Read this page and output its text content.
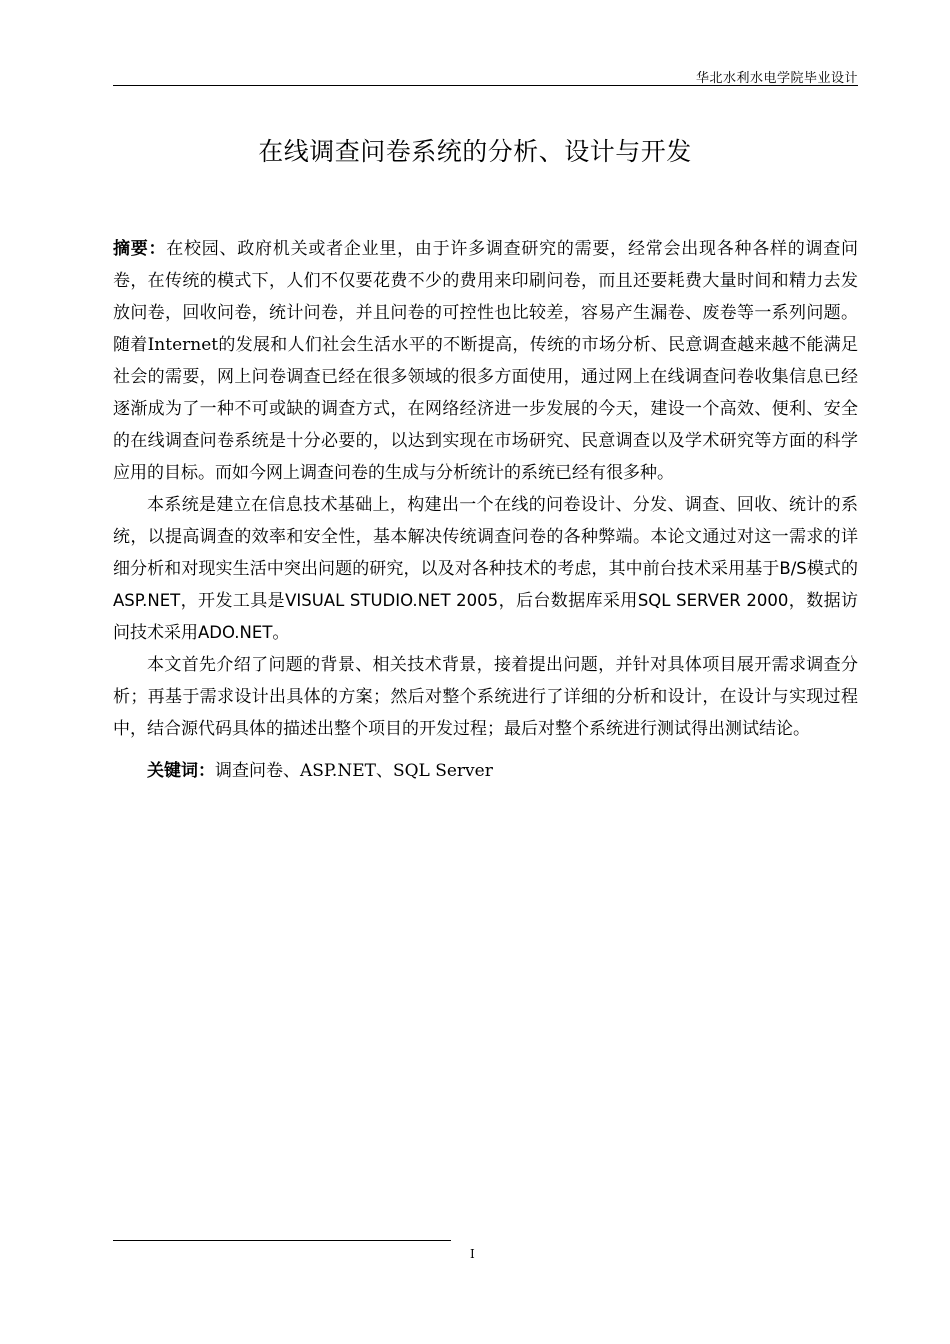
华北水利水电学院毕业设计
在线调查问卷系统的分析、设计与开发

摘要：在校园、政府机关或者企业里，由于许多调查研究的需要，经常会出现各种各样的调查问卷，在传统的模式下，人们不仅要花费不少的费用来印刷问卷，而且还要耗费大量时间和精力去发放问卷，回收问卷，统计问卷，并且问卷的可控性也比较差，容易产生漏卷、废卷等一系列问题。随着Internet的发展和人们社会生活水平的不断提高，传统的市场分析、民意调查越来越不能满足社会的需要，网上问卷调查已经在很多领域的很多方面使用，通过网上在线调查问卷收集信息已经逐渐成为了一种不可或缺的调查方式，在网络经济进一步发展的今天，建设一个高效、便利、安全的在线调查问卷系统是十分必要的，以达到实现在市场研究、民意调查以及学术研究等方面的科学应用的目标。而如今网上调查问卷的生成与分析统计的系统已经有很多种。

本系统是建立在信息技术基础上，构建出一个在线的问卷设计、分发、调查、回收、统计的系统，以提高调查的效率和安全性，基本解决传统调查问卷的各种弊端。本论文通过对这一需求的详细分析和对现实生活中突出问题的研究，以及对各种技术的考虑，其中前台技术采用基于B/S模式的ASP.NET，开发工具是VISUAL STUDIO.NET 2005，后台数据库采用SQL SERVER 2000，数据访问技术采用ADO.NET。

本文首先介绍了问题的背景、相关技术背景，接着提出问题，并针对具体项目展开需求调查分析；再基于需求设计出具体的方案；然后对整个系统进行了详细的分析和设计，在设计与实现过程中，结合源代码具体的描述出整个项目的开发过程；最后对整个系统进行测试得出测试结论。

关键词：调查问卷、ASP.NET、SQL Server

I
